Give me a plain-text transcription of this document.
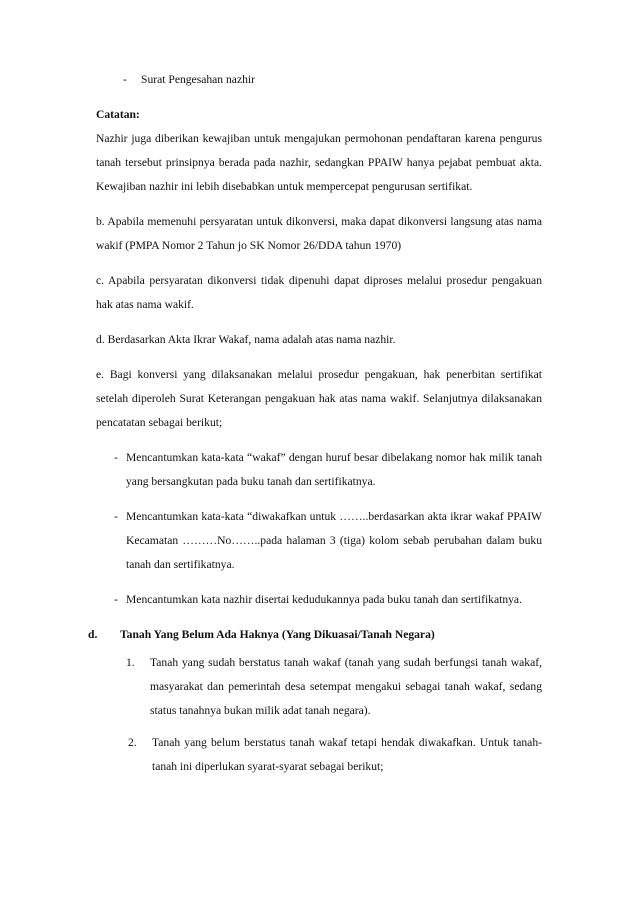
- Surat Pengesahan nazhir

Catatan:

Nazhir juga diberikan kewajiban untuk mengajukan permohonan pendaftaran karena pengurus tanah tersebut prinsipnya berada pada nazhir, sedangkan PPAIW hanya pejabat pembuat akta. Kewajiban nazhir ini lebih disebabkan untuk mempercepat pengurusan sertifikat.

b. Apabila memenuhi persyaratan untuk dikonversi, maka dapat dikonversi langsung atas nama wakif (PMPA Nomor 2 Tahun jo SK Nomor 26/DDA tahun 1970)

c. Apabila persyaratan dikonversi tidak dipenuhi dapat diproses melalui prosedur pengakuan hak atas nama wakif.

d. Berdasarkan Akta Ikrar Wakaf, nama adalah atas nama nazhir.

e. Bagi konversi yang dilaksanakan melalui prosedur pengakuan, hak penerbitan sertifikat setelah diperoleh Surat Keterangan pengakuan hak atas nama wakif. Selanjutnya dilaksanakan pencatatan sebagai berikut;

- Mencantumkan kata-kata “wakaf” dengan huruf besar dibelakang nomor hak milik tanah yang bersangkutan pada buku tanah dan sertifikatnya.

- Mencantumkan kata-kata “diwakafkan untuk ……..berdasarkan akta ikrar wakaf PPAIW Kecamatan ………No……..pada halaman 3 (tiga) kolom sebab perubahan dalam buku tanah dan sertifikatnya.

- Mencantumkan kata nazhir disertai kedudukannya pada buku tanah dan sertifikatnya.

d.	Tanah Yang Belum Ada Haknya (Yang Dikuasai/Tanah Negara)

1.	Tanah yang sudah berstatus tanah wakaf (tanah yang sudah berfungsi tanah wakaf, masyarakat dan pemerintah desa setempat mengakui sebagai tanah wakaf, sedang status tanahnya bukan milik adat tanah negara).

2.	Tanah yang belum berstatus tanah wakaf tetapi hendak diwakafkan. Untuk tanah-tanah ini diperlukan syarat-syarat sebagai berikut;
